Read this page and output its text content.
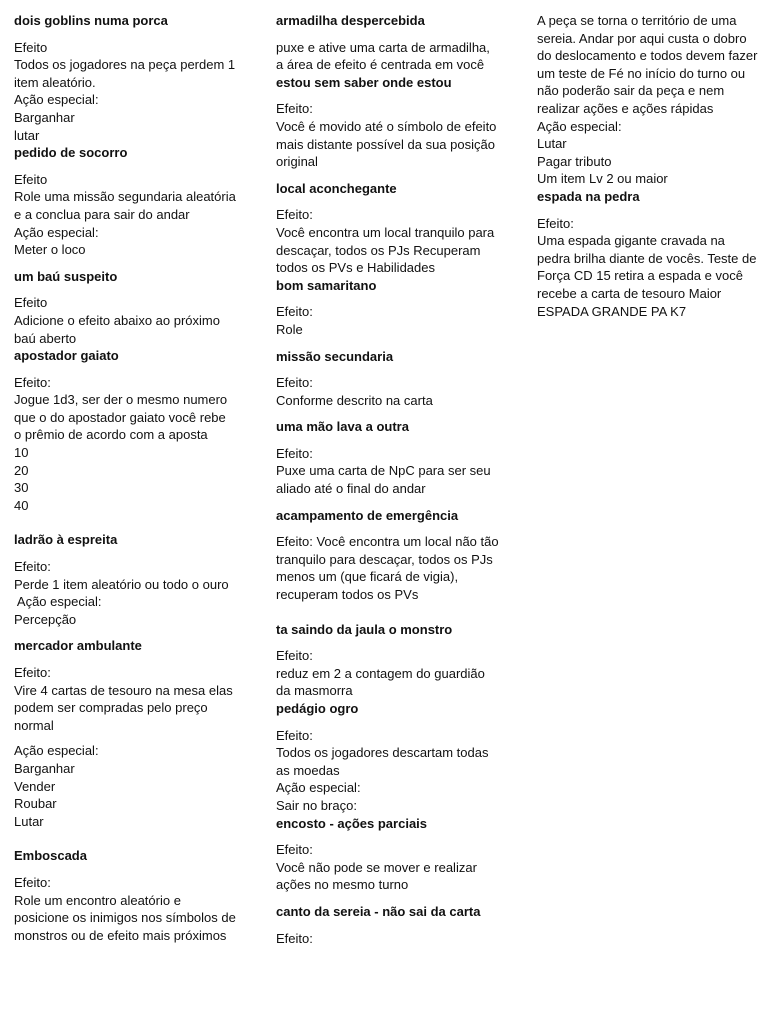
dois goblins numa porca
Efeito
Todos os jogadores na peça perdem 1 item aleatório.
Ação especial:
Barganhar
lutar
pedido de socorro
Efeito
Role uma missão segundaria aleatória e a conclua para sair do andar
Ação especial:
Meter o loco
um baú suspeito
Efeito
Adicione o efeito abaixo ao próximo baú aberto
apostador gaiato
Efeito:
Jogue 1d3, ser der o mesmo numero que o do apostador gaiato você rebe o prêmio de acordo com a aposta
10
20
30
40
ladrão à espreita
Efeito:
Perde 1 item aleatório ou todo o ouro
Ação especial:
Percepção
mercador ambulante
Efeito:
Vire 4 cartas de tesouro na mesa elas podem ser compradas pelo preço normal
Ação especial:
Barganhar
Vender
Roubar
Lutar
Emboscada
Efeito:
Role um encontro aleatório e posicione os inimigos nos símbolos de monstros ou de efeito mais próximos
armadilha despercebida
puxe e ative uma carta de armadilha, a área de efeito é centrada em você
estou sem saber onde estou
Efeito:
Você é movido até o símbolo de efeito mais distante possível da sua posição original
local aconchegante
Efeito:
Você encontra um local tranquilo para descaçar, todos os PJs Recuperam todos os PVs e Habilidades
bom samaritano
Efeito:
Role
missão secundaria
Efeito:
Conforme descrito na carta
uma mão lava a outra
Efeito:
Puxe uma carta de NpC para ser seu aliado até o final do andar
acampamento de emergência
Efeito: Você encontra um local não tão tranquilo para descaçar, todos os PJs menos um (que ficará de vigia), recuperam todos os PVs
ta saindo da jaula o monstro
Efeito:
reduz em 2 a contagem do guardião da masmorra
pedágio ogro
Efeito:
Todos os jogadores descartam todas as moedas
Ação especial:
Sair no braço:
encosto - ações parciais
Efeito:
Você não pode se mover e realizar ações no mesmo turno
canto da sereia - não sai da carta
Efeito:
A peça se torna o território de uma sereia. Andar por aqui custa o dobro do deslocamento e todos devem fazer um teste de Fé no início do turno ou não poderão sair da peça e nem realizar ações e ações rápidas
Ação especial:
Lutar
Pagar tributo
Um item Lv 2 ou maior
espada na pedra
Efeito:
Uma espada gigante cravada na pedra brilha diante de vocês. Teste de Força CD 15 retira a espada e você recebe a carta de tesouro Maior ESPADA GRANDE PA K7
